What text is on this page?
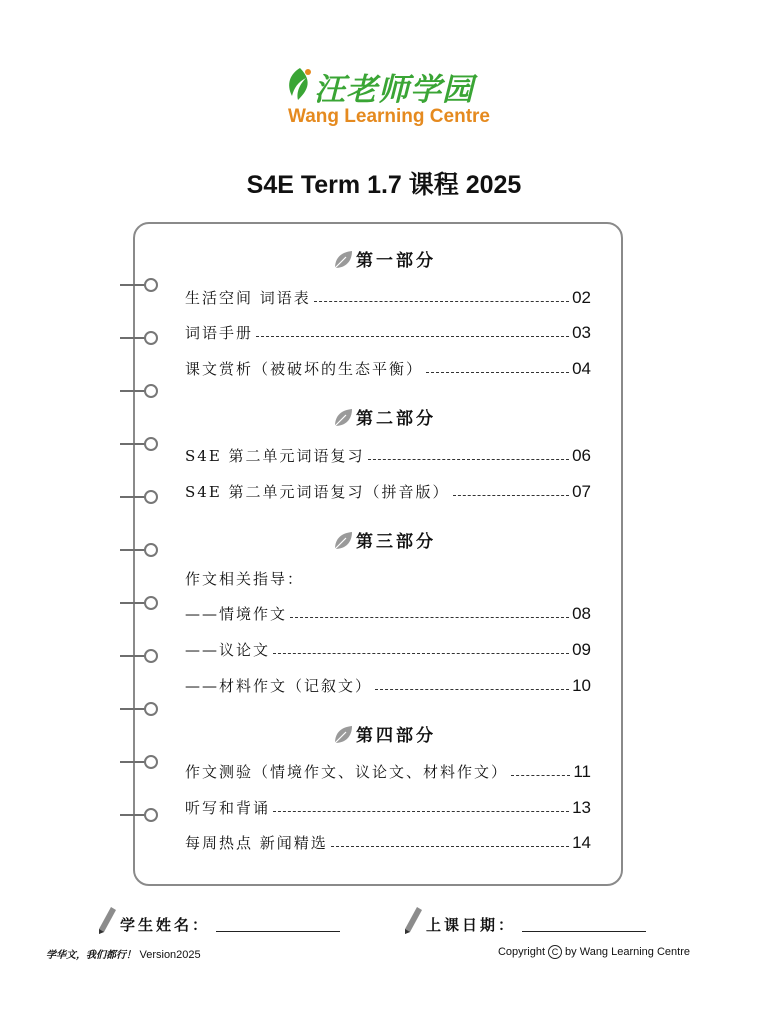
汪老师学园
Wang Learning Centre
S4E Term 1.7 课程 2025
第一部分
生活空间 词语表	02
词语手册	03
课文赏析（被破坏的生态平衡）	04
第二部分
S4E 第二单元词语复习	06
S4E 第二单元词语复习（拼音版）	07
第三部分
作文相关指导：
——情境作文	08
——议论文	09
——材料作文（记叙文）	10
第四部分
作文测验（情境作文、议论文、材料作文）	11
听写和背诵	13
每周热点 新闻精选	14
学生姓名：	上课日期：
学华文，我们都行！ Version2025	Copyright C by Wang Learning Centre
